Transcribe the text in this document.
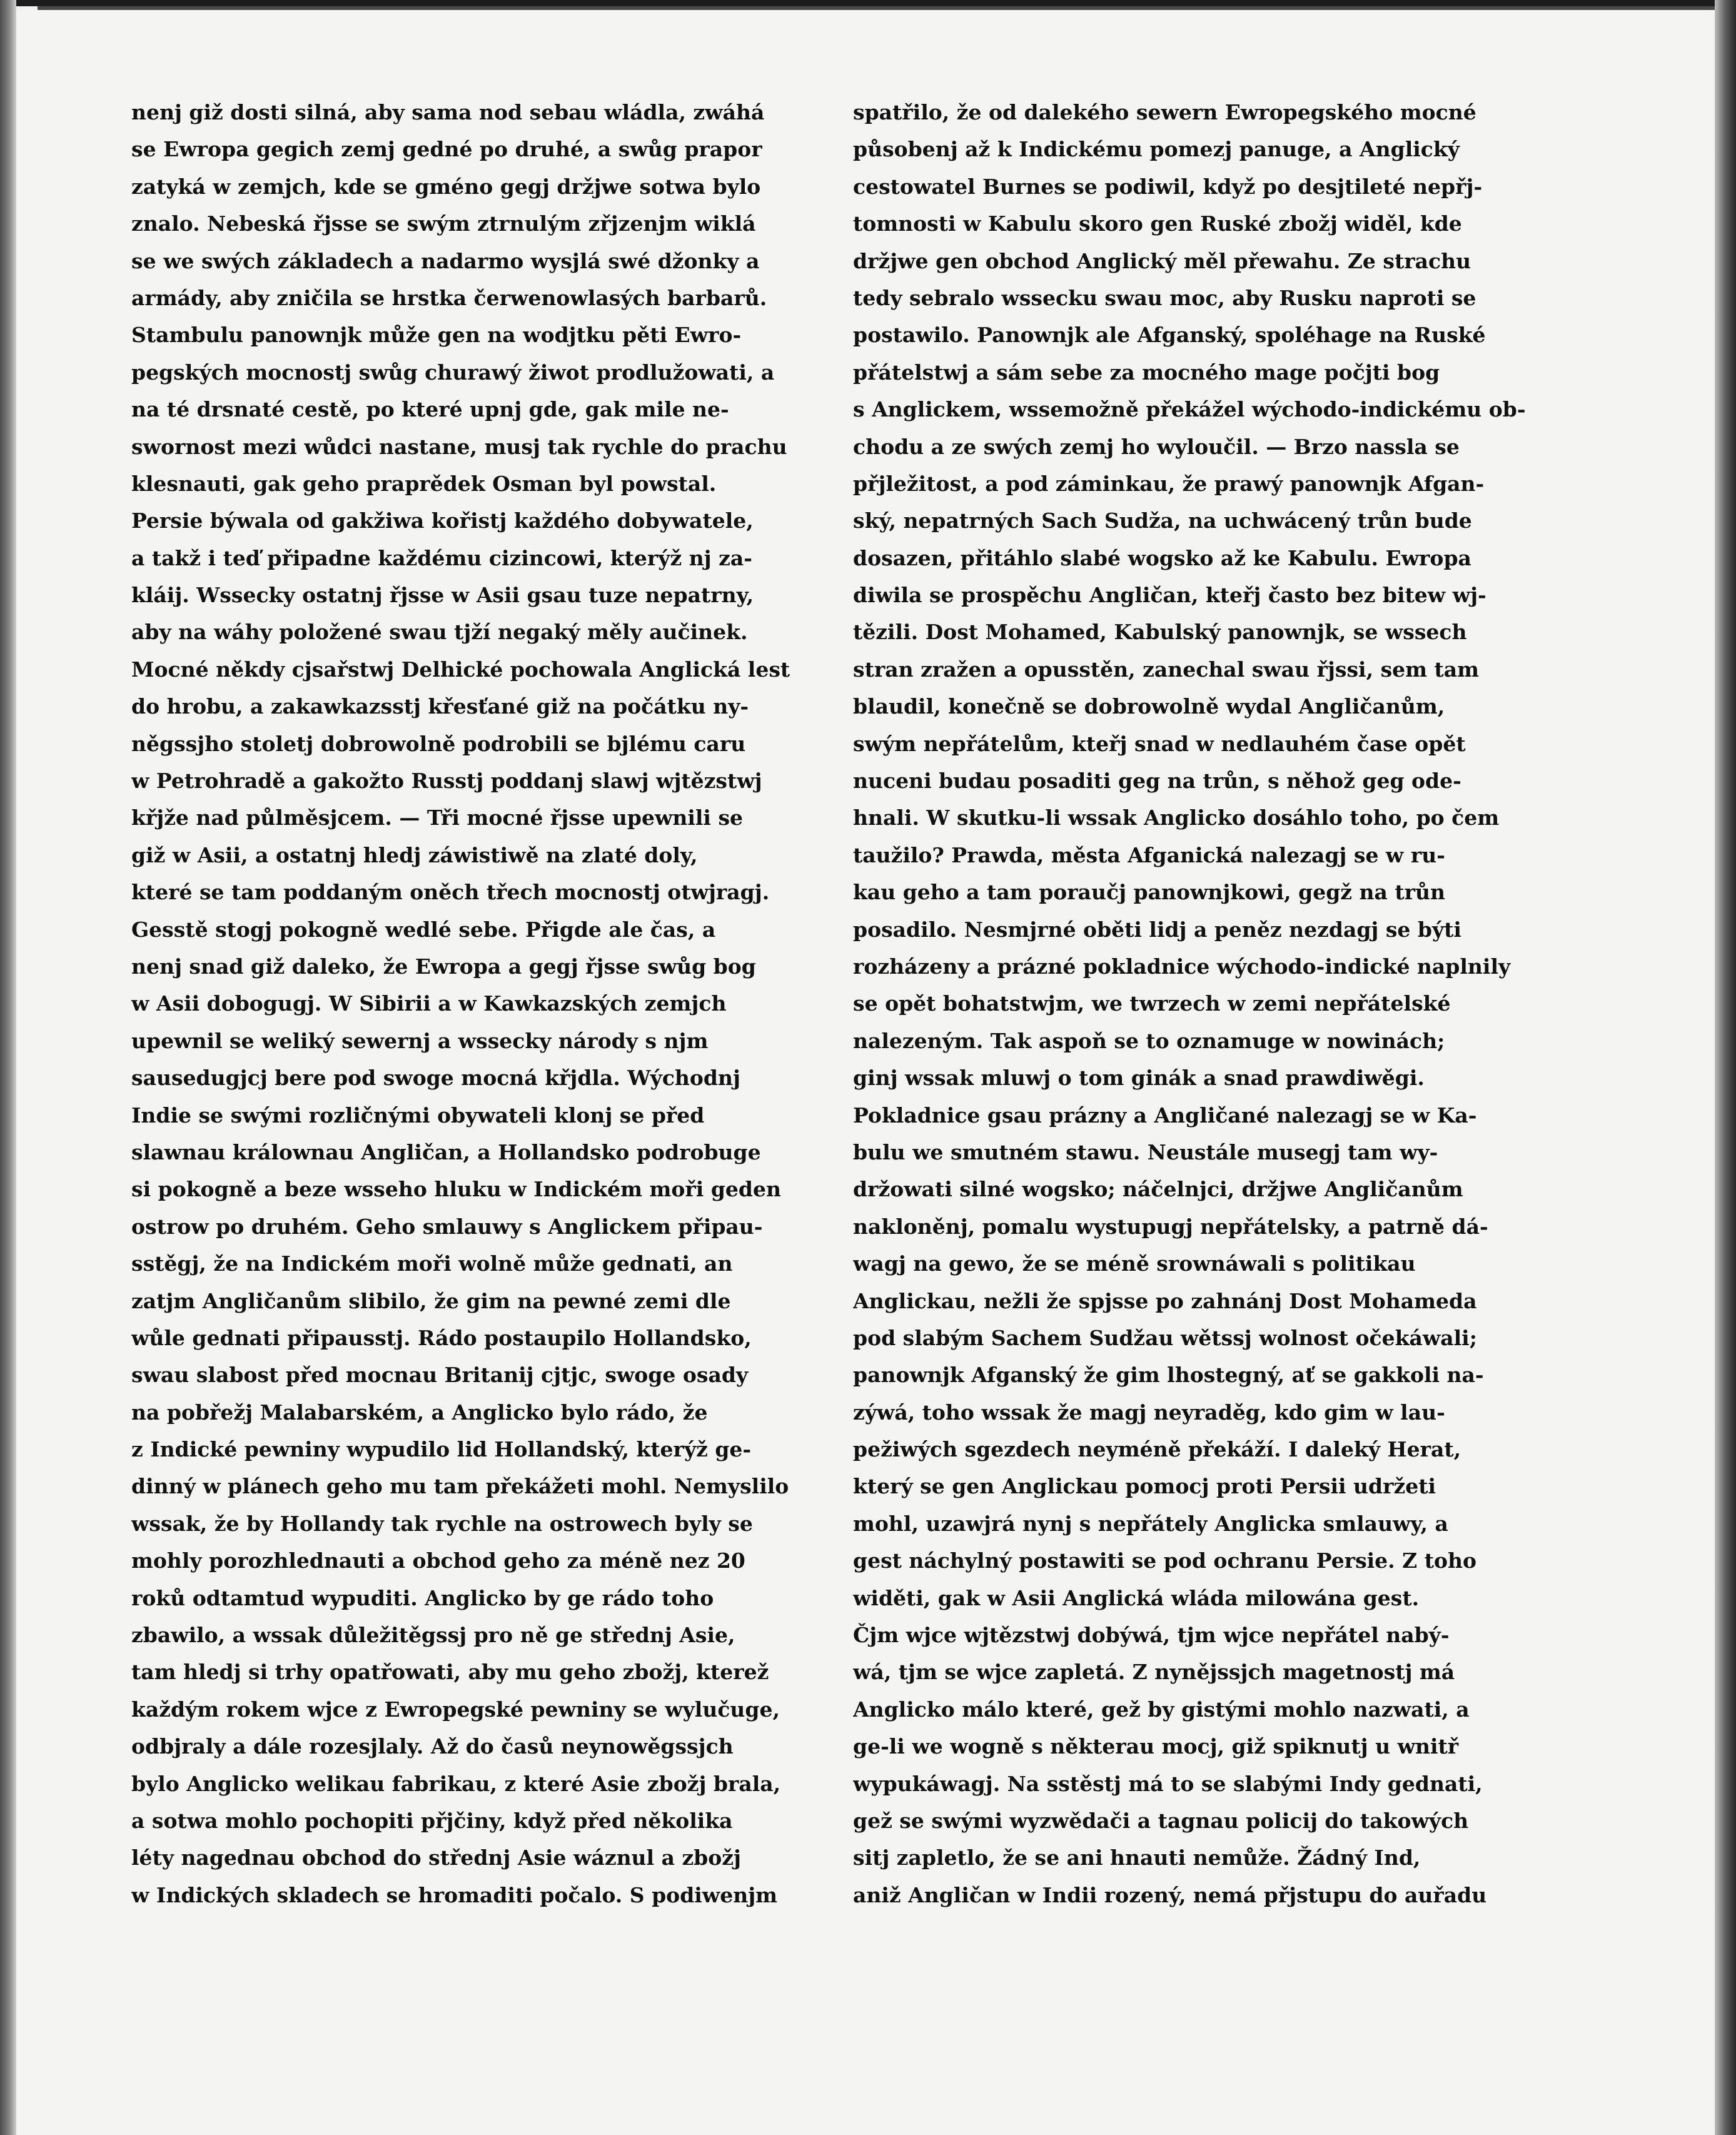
nenj giž dosti silná, aby sama nod sebau wládla, zwáhá
se Ewropa gegich zemj gedné po druhé, a swůg prapor
zatyká w zemjch, kde se gméno gegj držjwe sotwa bylo
znalo. Nebeská řjsse se swým ztrnulým zřjzenjm wiklá
se we swých základech a nadarmo wysjlá swé džonky a
armády, aby zničila se hrstka čerwenowlasých barbarů.
Stambulu panownjk může gen na wodjtku pěti Ewro-
pegských mocnostj swůg churawý žiwot prodlužowati, a
na té drsnaté cestě, po které upnj gde, gak mile ne-
swornost mezi wůdci nastane, musj tak rychle do prachu
klesnauti, gak geho praprědek Osman byl powstal.
Persie býwala od gakžiwa kořistj každého dobywatele,
a takž i teď připadne každému cizincowi, kterýž nj za-
kláij. Wssecky ostatnj řjsse w Asii gsau tuze nepatrny,
aby na wáhy položené swau tjží negaký měly aučinek.
Mocné někdy cjsařstwj Delhické pochowala Anglická lest
do hrobu, a zakawkazsstj křesťané giž na počátku ny-
něgssjho stoletj dobrowolně podrobili se bjlému caru
w Petrohradě a gakožto Russtj poddanj slawj wjtězstwj
křjže nad půlměsjcem. — Tři mocné řjsse upewnili se
giž w Asii, a ostatnj hledj záwistiwě na zlaté doly,
které se tam poddaným oněch třech mocnostj otwjragj.
Gesstě stogj pokogně wedlé sebe. Přigde ale čas, a
nenj snad giž daleko, že Ewropa a gegj řjsse swůg bog
w Asii dobogugj. W Sibirii a w Kawkazských zemjch
upewnil se weliký sewernj a wssecky národy s njm
sausedugjcj bere pod swoge mocná křjdla. Wýchodnj
Indie se swými rozličnými obywateli klonj se před
slawnau králownau Angličan, a Hollandsko podrobuge
si pokogně a beze wsseho hluku w Indickém moři geden
ostrow po druhém. Geho smlauwy s Anglickem připau-
sstěgj, že na Indickém moři wolně může gednati, an
zatjm Angličanům slibilo, že gim na pewné zemi dle
wůle gednati připausstj. Rádo postaupilo Hollandsko,
swau slabost před mocnau Britanij cjtjc, swoge osady
na pobřežj Malabarském, a Anglicko bylo rádo, že
z Indické pewniny wypudilo lid Hollandský, kterýž ge-
dinný w plánech geho mu tam překážeti mohl. Nemyslilo
wssak, že by Hollandy tak rychle na ostrowech byly se
mohly porozhlednauti a obchod geho za méně nez 20
roků odtamtud wypuditi. Anglicko by ge rádo toho
zbawilo, a wssak důležitěgssj pro ně ge střednj Asie,
tam hledj si trhy opatřowati, aby mu geho zbožj, kterež
každým rokem wjce z Ewropegské pewniny se wylučuge,
odbjraly a dále rozesjlaly. Až do časů neynowěgssjch
bylo Anglicko welikau fabrikau, z které Asie zbožj brala,
a sotwa mohlo pochopiti přjčiny, když před několika
léty nagednau obchod do střednj Asie wáznul a zbožj
w Indických skladech se hromaditi počalo. S podiwenjm
spatřilo, že od dalekého sewern Ewropegského mocné
působenj až k Indickému pomezj panuge, a Anglický
cestowatel Burnes se podiwil, když po desjtileté nepřj-
tomnosti w Kabulu skoro gen Ruské zbožj widěl, kde
držjwe gen obchod Anglický měl přewahu. Ze strachu
tedy sebralo wssecku swau moc, aby Rusku naproti se
postawilo. Panownjk ale Afganský, spoléhage na Ruské
přátelstwj a sám sebe za mocného mage počjti bog
s Anglickem, wssemožně překážel wýchodo-indickému ob-
chodu a ze swých zemj ho wyloučil. — Brzo nassla se
přjležitost, a pod záminkau, že prawý panownjk Afgan-
ský, nepatrných Sach Sudža, na uchwácený trůn bude
dosazen, přitáhlo slabé wogsko až ke Kabulu. Ewropa
diwila se prospěchu Angličan, kteřj často bez bitew wj-
tězili. Dost Mohamed, Kabulský panownjk, se wssech
stran zražen a opusstěn, zanechal swau řjssi, sem tam
blaudil, konečně se dobrowolně wydal Angličanům,
swým nepřátelům, kteřj snad w nedlauhém čase opět
nuceni budau posaditi geg na trůn, s něhož geg ode-
hnali. W skutku-li wssak Anglicko dosáhlo toho, po čem
taužilo? Prawda, města Afganická nalezagj se w ru-
kau geho a tam poraučj panownjkowi, gegž na trůn
posadilo. Nesmjrné oběti lidj a peněz nezdagj se býti
rozházeny a prázné pokladnice wýchodo-indické naplnily
se opět bohatstwjm, we twrzech w zemi nepřátelské
nalezeným. Tak aspoň se to oznamuge w nowinách;
ginj wssak mluwj o tom ginák a snad prawdiwěgi.
Pokladnice gsau prázny a Angličané nalezagj se w Ka-
bulu we smutném stawu. Neustále musegj tam wy-
držowati silné wogsko; náčelnjci, držjwe Angličanům
nakloněnj, pomalu wystupugj nepřátelsky, a patrně dá-
wagj na gewo, že se méně srownáwali s politikau
Anglickau, nežli že spjsse po zahnánj Dost Mohameda
pod slabým Sachem Sudžau wětssj wolnost očekáwali;
panownjk Afganský že gim lhostegný, ať se gakkoli na-
zýwá, toho wssak že magj neyraděg, kdo gim w lau-
pežiwých sgezdech neyméně překáží. I daleký Herat,
který se gen Anglickau pomocj proti Persii udržeti
mohl, uzawjrá nynj s nepřátely Anglicka smlauwy, a
gest náchylný postawiti se pod ochranu Persie. Z toho
widěti, gak w Asii Anglická wláda milowána gest.
Čjm wjce wjtězstwj dobýwá, tjm wjce nepřátel nabý-
wá, tjm se wjce zapletá. Z nynějssjch magetnostj má
Anglicko málo které, gež by gistými mohlo nazwati, a
ge-li we wogně s některau mocj, giž spiknutj u wnitř
wypukáwagj. Na sstěstj má to se slabými Indy gednati,
gež se swými wyzwědači a tagnau policij do takowých
sitj zapletlo, že se ani hnauti nemůže. Žádný Ind,
aniž Angličan w Indii rozený, nemá přjstupu do auřadu
